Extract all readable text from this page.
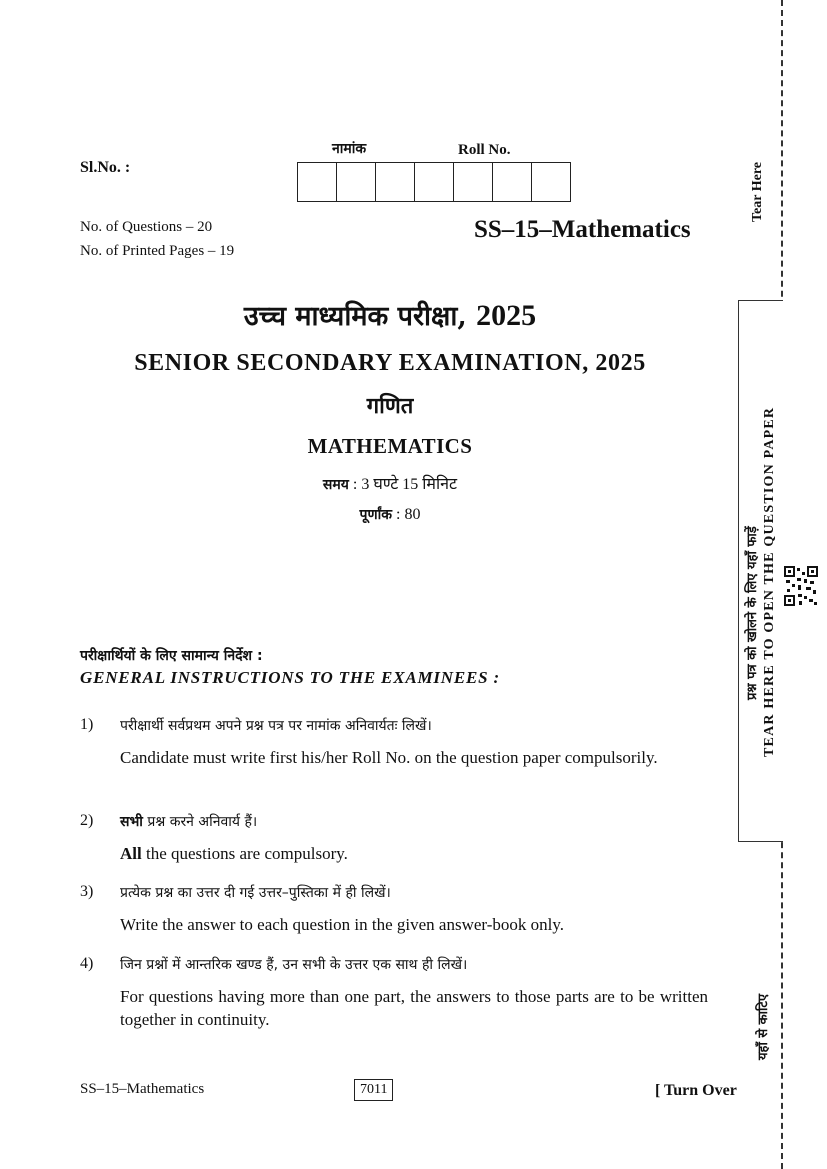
Sl.No. :
नामांक	Roll No.
No. of Questions – 20
No. of Printed Pages – 19
SS–15–Mathematics
उच्च माध्यमिक परीक्षा, 2025
SENIOR SECONDARY EXAMINATION, 2025
गणित
MATHEMATICS
समय : 3 घण्टे 15 मिनिट
पूर्णांक : 80
परीक्षार्थियों के लिए सामान्य निर्देश :
GENERAL INSTRUCTIONS TO THE EXAMINEES :
1) परीक्षार्थी सर्वप्रथम अपने प्रश्न पत्र पर नामांक अनिवार्यतः लिखें।
Candidate must write first his/her Roll No. on the question paper compulsorily.
2) सभी प्रश्न करने अनिवार्य हैं।
All the questions are compulsory.
3) प्रत्येक प्रश्न का उत्तर दी गई उत्तर–पुस्तिका में ही लिखें।
Write the answer to each question in the given answer-book only.
4) जिन प्रश्नों में आन्तरिक खण्ड हैं, उन सभी के उत्तर एक साथ ही लिखें।
For questions having more than one part, the answers to those parts are to be written together in continuity.
SS–15–Mathematics	7011	[ Turn Over
Tear Here
प्रश्न पत्र को खोलने के लिए यहाँ फाड़ें TEAR HERE TO OPEN THE QUESTION PAPER
यहाँ से काटिए
